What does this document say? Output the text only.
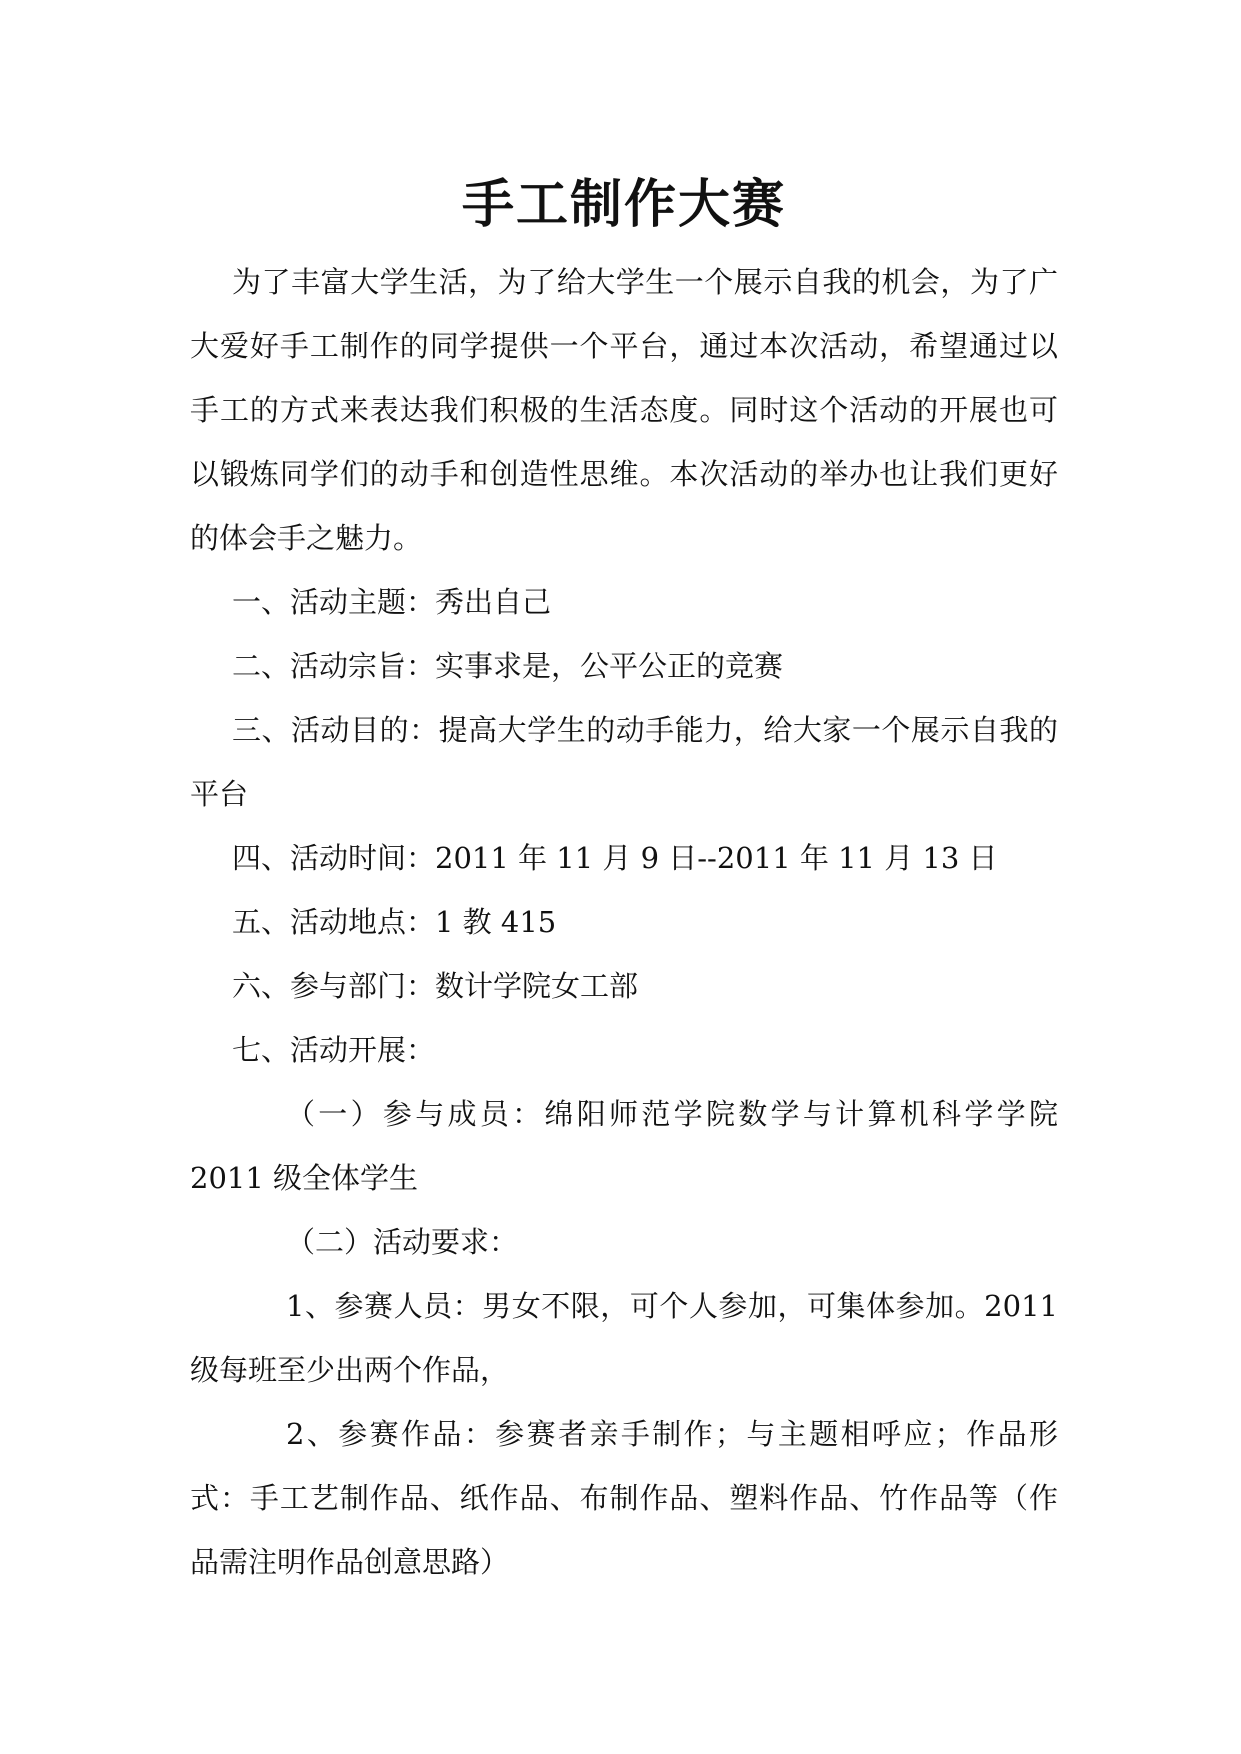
手工制作大赛

为了丰富大学生活，为了给大学生一个展示自我的机会，为了广大爱好手工制作的同学提供一个平台，通过本次活动，希望通过以手工的方式来表达我们积极的生活态度。同时这个活动的开展也可以锻炼同学们的动手和创造性思维。本次活动的举办也让我们更好的体会手之魅力。

一、活动主题：秀出自己

二、活动宗旨：实事求是，公平公正的竞赛

三、活动目的：提高大学生的动手能力，给大家一个展示自我的平台

四、活动时间：2011 年 11 月 9 日--2011 年 11 月 13 日

五、活动地点：1 教 415

六、参与部门：数计学院女工部

七、活动开展：

（一）参与成员：绵阳师范学院数学与计算机科学学院 2011 级全体学生

（二）活动要求：

1、参赛人员：男女不限，可个人参加，可集体参加。2011 级每班至少出两个作品，

2、参赛作品：参赛者亲手制作；与主题相呼应；作品形式：手工艺制作品、纸作品、布制作品、塑料作品、竹作品等（作品需注明作品创意思路）
